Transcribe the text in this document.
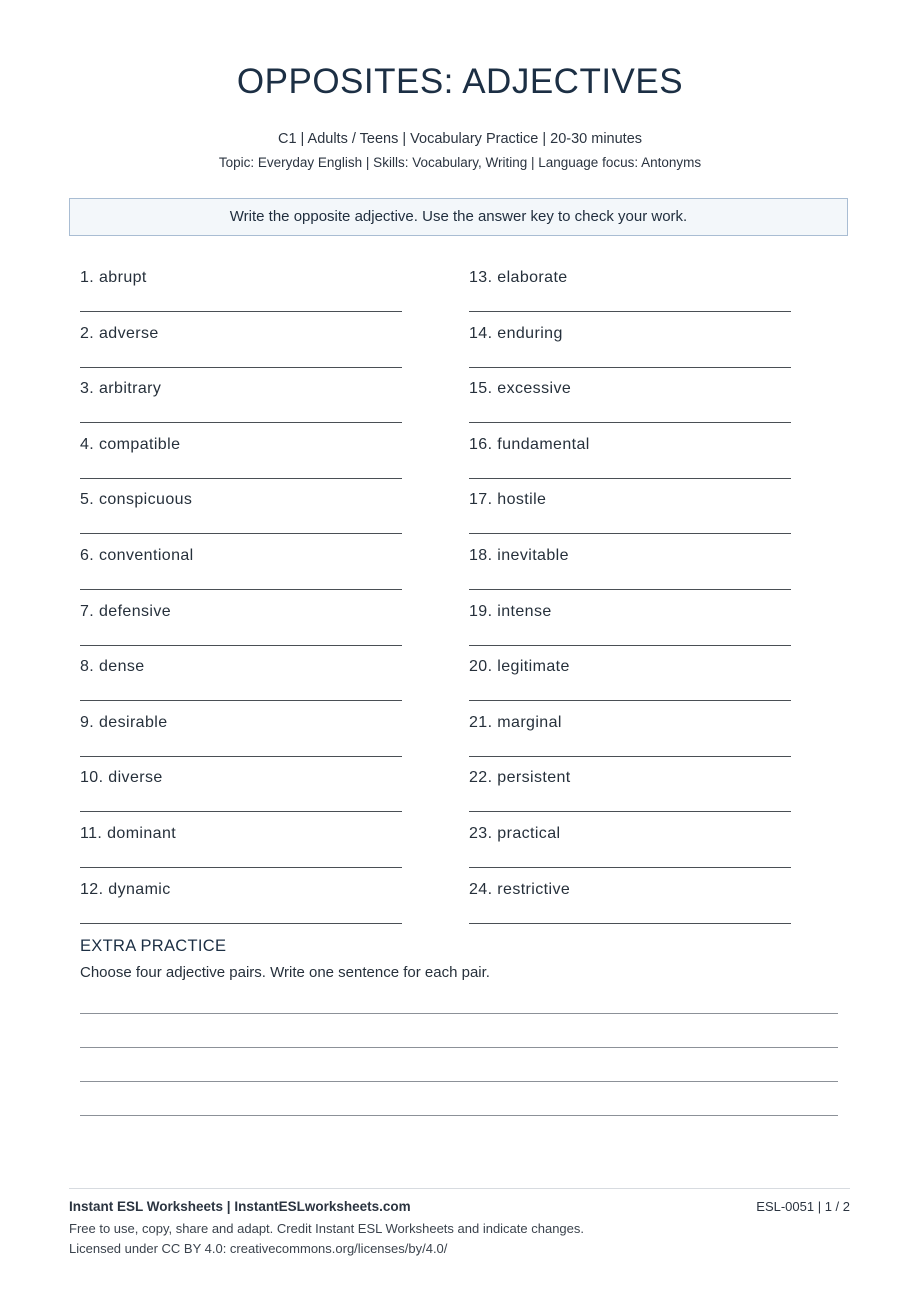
OPPOSITES: ADJECTIVES
C1 | Adults / Teens | Vocabulary Practice | 20-30 minutes
Topic: Everyday English | Skills: Vocabulary, Writing | Language focus: Antonyms
Write the opposite adjective. Use the answer key to check your work.
1. abrupt
2. adverse
3. arbitrary
4. compatible
5. conspicuous
6. conventional
7. defensive
8. dense
9. desirable
10. diverse
11. dominant
12. dynamic
13. elaborate
14. enduring
15. excessive
16. fundamental
17. hostile
18. inevitable
19. intense
20. legitimate
21. marginal
22. persistent
23. practical
24. restrictive
EXTRA PRACTICE
Choose four adjective pairs. Write one sentence for each pair.
Instant ESL Worksheets | InstantESLworksheets.com	ESL-0051 | 1 / 2
Free to use, copy, share and adapt. Credit Instant ESL Worksheets and indicate changes.
Licensed under CC BY 4.0: creativecommons.org/licenses/by/4.0/
